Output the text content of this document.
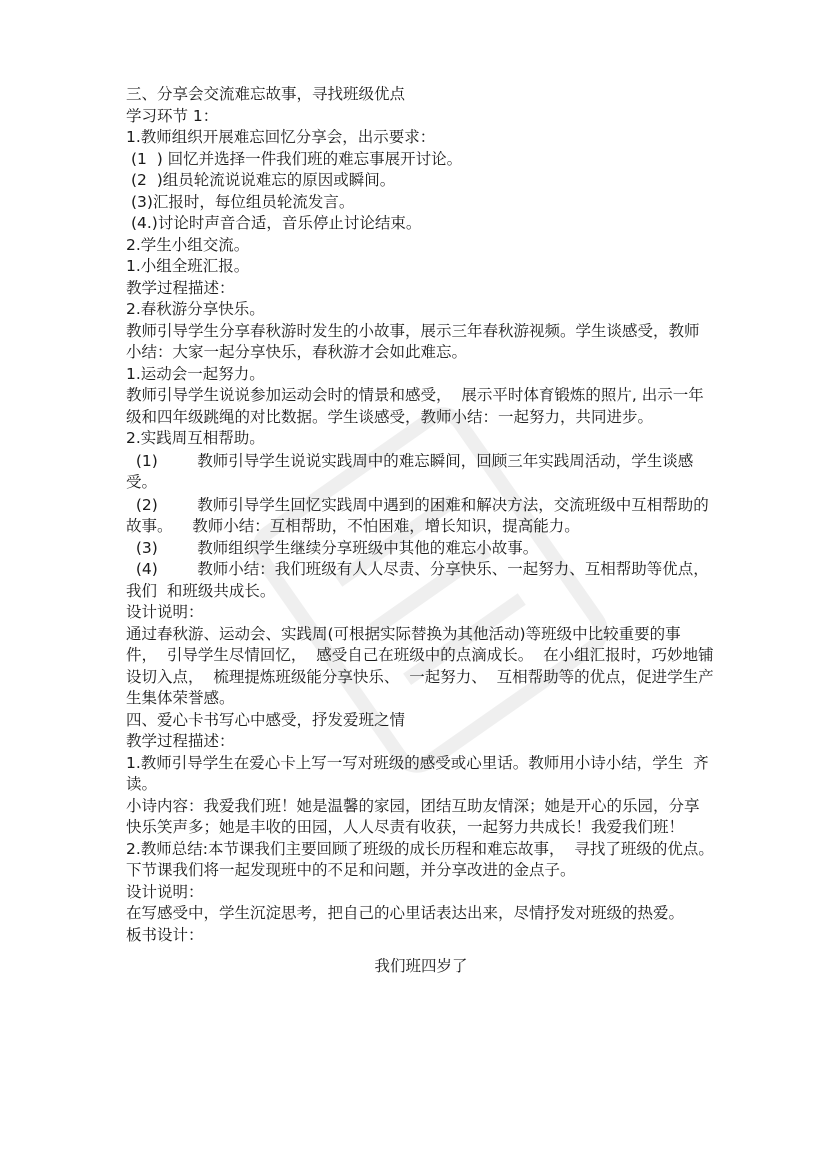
三、分享会交流难忘故事，寻找班级优点

学习环节 1：

1.教师组织开展难忘回忆分享会，出示要求：

(1  ) 回忆并选择一件我们班的难忘事展开讨论。

(2  )组员轮流说说难忘的原因或瞬间。

(3)汇报时，每位组员轮流发言。

(4.)讨论时声音合适，音乐停止讨论结束。

2.学生小组交流。

1.小组全班汇报。

教学过程描述：

2.春秋游分享快乐。

教师引导学生分享春秋游时发生的小故事，展示三年春秋游视频。学生谈感受，教师  小结：大家一起分享快乐，春秋游才会如此难忘。

1.运动会一起努力。

教师引导学生说说参加运动会时的情景和感受，  展示平时体育锻炼的照片, 出示一年  级和四年级跳绳的对比数据。学生谈感受，教师小结：一起努力，共同进步。

2.实践周互相帮助。

(1)        教师引导学生说说实践周中的难忘瞬间，回顾三年实践周活动，学生谈感受。

(2)        教师引导学生回忆实践周中遇到的困难和解决方法，交流班级中互相帮助的故事。    教师小结：互相帮助，不怕困难，增长知识，提高能力。

(3)        教师组织学生继续分享班级中其他的难忘小故事。

(4)        教师小结：我们班级有人人尽责、分享快乐、一起努力、互相帮助等优点，我们  和班级共成长。

设计说明：

通过春秋游、运动会、实践周(可根据实际替换为其他活动)等班级中比较重要的事 件，  引导学生尽情回忆，  感受自己在班级中的点滴成长。  在小组汇报时，巧妙地铺设切入点，  梳理提炼班级能分享快乐、  一起努力、  互相帮助等的优点，促进学生产生集体荣誉感。

四、爱心卡书写心中感受，抒发爱班之情

教学过程描述：

1.教师引导学生在爱心卡上写一写对班级的感受或心里话。教师用小诗小结，学生  齐读。

小诗内容：我爱我们班！她是温馨的家园，团结互助友情深；她是开心的乐园，分享  快乐笑声多；她是丰收的田园，人人尽责有收获，一起努力共成长！我爱我们班！

2.教师总结:本节课我们主要回顾了班级的成长历程和难忘故事，  寻找了班级的优点。    下节课我们将一起发现班中的不足和问题，并分享改进的金点子。

设计说明：

在写感受中，学生沉淀思考，把自己的心里话表达出来，尽情抒发对班级的热爱。

板书设计：

我们班四岁了
